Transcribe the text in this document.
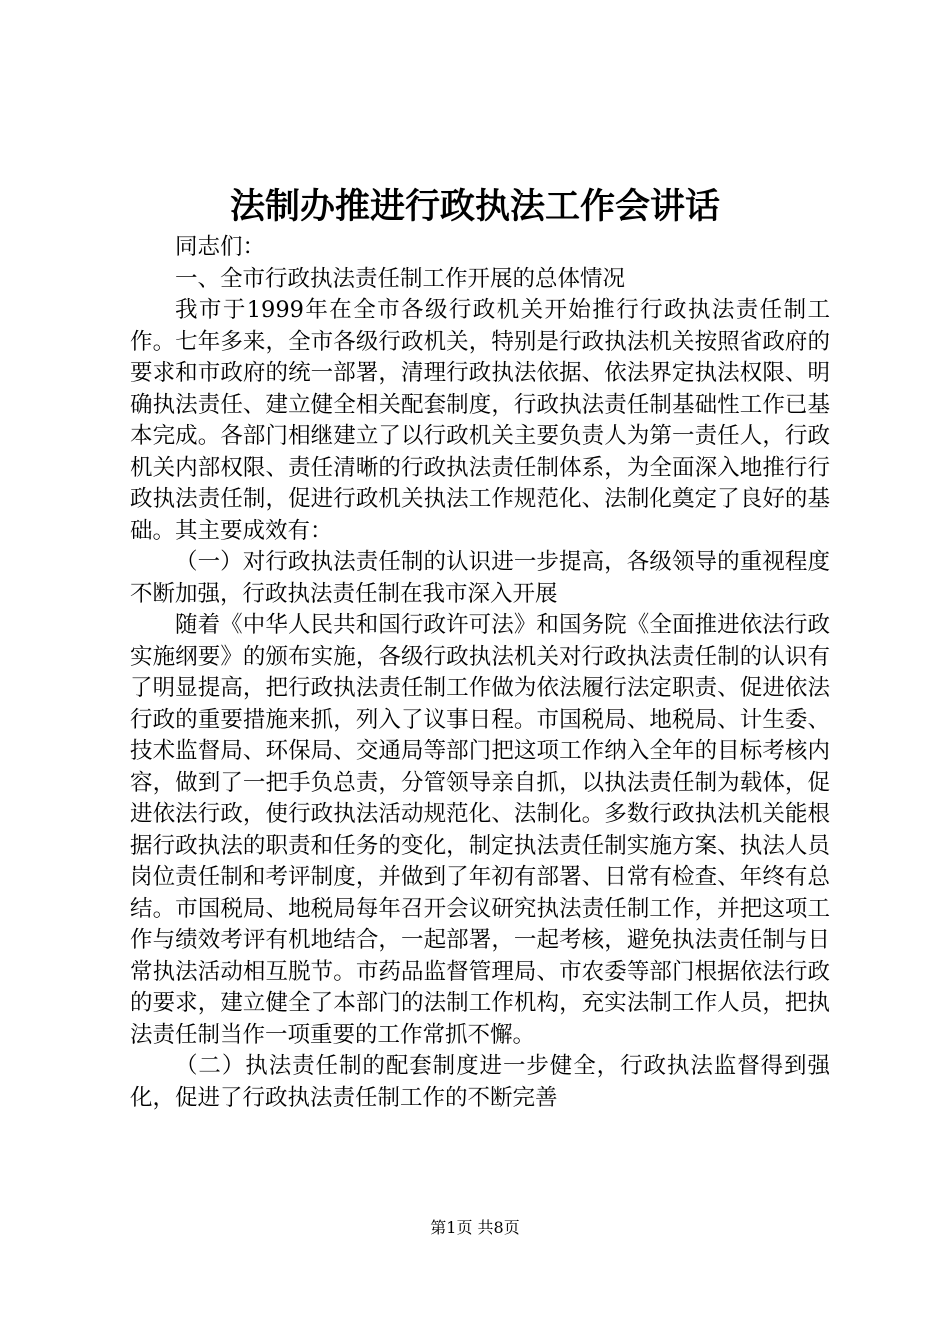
法制办推进行政执法工作会讲话

同志们：

一、全市行政执法责任制工作开展的总体情况

我市于1999年在全市各级行政机关开始推行行政执法责任制工作。七年多来，全市各级行政机关，特别是行政执法机关按照省政府的要求和市政府的统一部署，清理行政执法依据、依法界定执法权限、明确执法责任、建立健全相关配套制度，行政执法责任制基础性工作已基本完成。各部门相继建立了以行政机关主要负责人为第一责任人，行政机关内部权限、责任清晰的行政执法责任制体系，为全面深入地推行行政执法责任制，促进行政机关执法工作规范化、法制化奠定了良好的基础。其主要成效有：

（一）对行政执法责任制的认识进一步提高，各级领导的重视程度不断加强，行政执法责任制在我市深入开展

随着《中华人民共和国行政许可法》和国务院《全面推进依法行政实施纲要》的颁布实施，各级行政执法机关对行政执法责任制的认识有了明显提高，把行政执法责任制工作做为依法履行法定职责、促进依法行政的重要措施来抓，列入了议事日程。市国税局、地税局、计生委、技术监督局、环保局、交通局等部门把这项工作纳入全年的目标考核内容，做到了一把手负总责，分管领导亲自抓，以执法责任制为载体，促进依法行政，使行政执法活动规范化、法制化。多数行政执法机关能根据行政执法的职责和任务的变化，制定执法责任制实施方案、执法人员岗位责任制和考评制度，并做到了年初有部署、日常有检查、年终有总结。市国税局、地税局每年召开会议研究执法责任制工作，并把这项工作与绩效考评有机地结合，一起部署，一起考核，避免执法责任制与日常执法活动相互脱节。市药品监督管理局、市农委等部门根据依法行政的要求，建立健全了本部门的法制工作机构，充实法制工作人员，把执法责任制当作一项重要的工作常抓不懈。

（二）执法责任制的配套制度进一步健全，行政执法监督得到强化，促进了行政执法责任制工作的不断完善

第1页 共8页
